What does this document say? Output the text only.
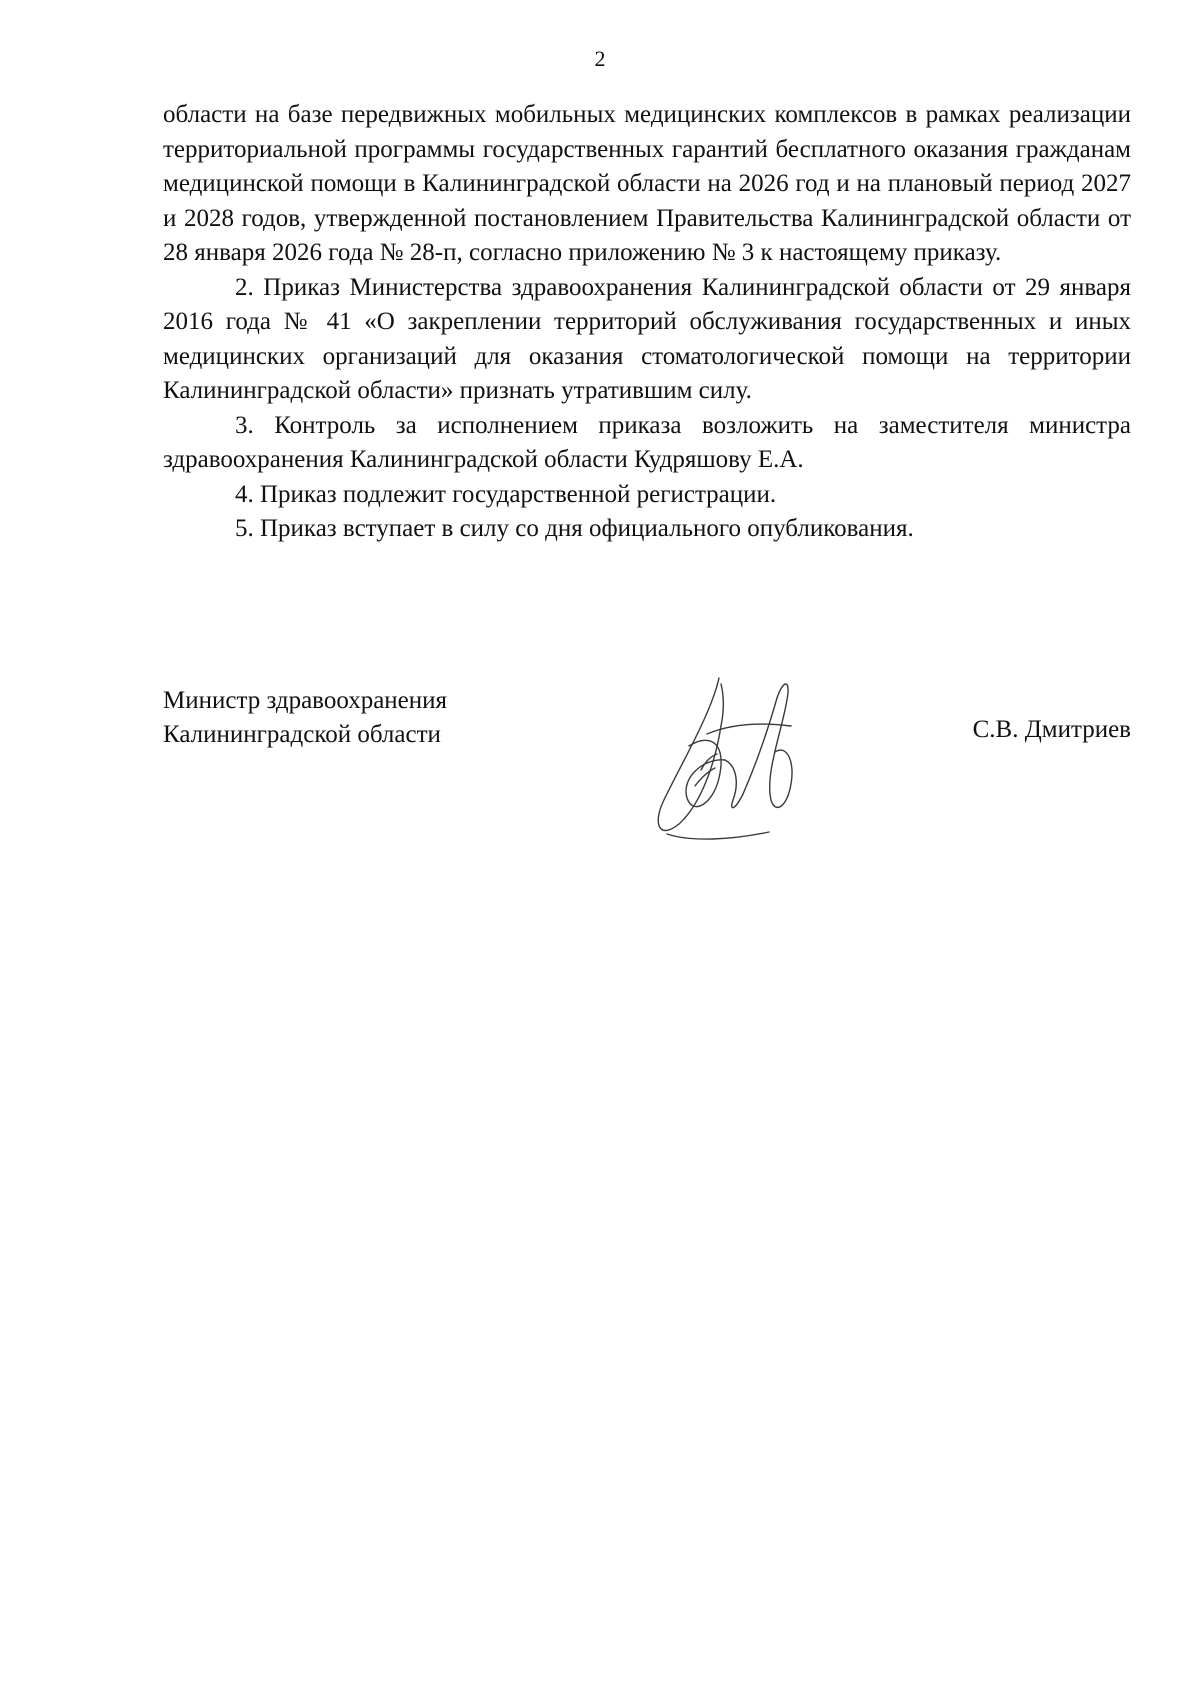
2

области на базе передвижных мобильных медицинских комплексов в рамках реализации территориальной программы государственных гарантий бесплатного оказания гражданам медицинской помощи в Калининградской области на 2026 год и на плановый период 2027 и 2028 годов, утвержденной постановлением Правительства Калининградской области от 28 января 2026 года № 28-п, согласно приложению № 3 к настоящему приказу.

2. Приказ Министерства здравоохранения Калининградской области от 29 января 2016 года № 41 «О закреплении территорий обслуживания государственных и иных медицинских организаций для оказания стоматологической помощи на территории Калининградской области» признать утратившим силу.

3. Контроль за исполнением приказа возложить на заместителя министра здравоохранения Калининградской области Кудряшову Е.А.

4. Приказ подлежит государственной регистрации.

5. Приказ вступает в силу со дня официального опубликования.

Министр здравоохранения
Калининградской области	С.В. Дмитриев
